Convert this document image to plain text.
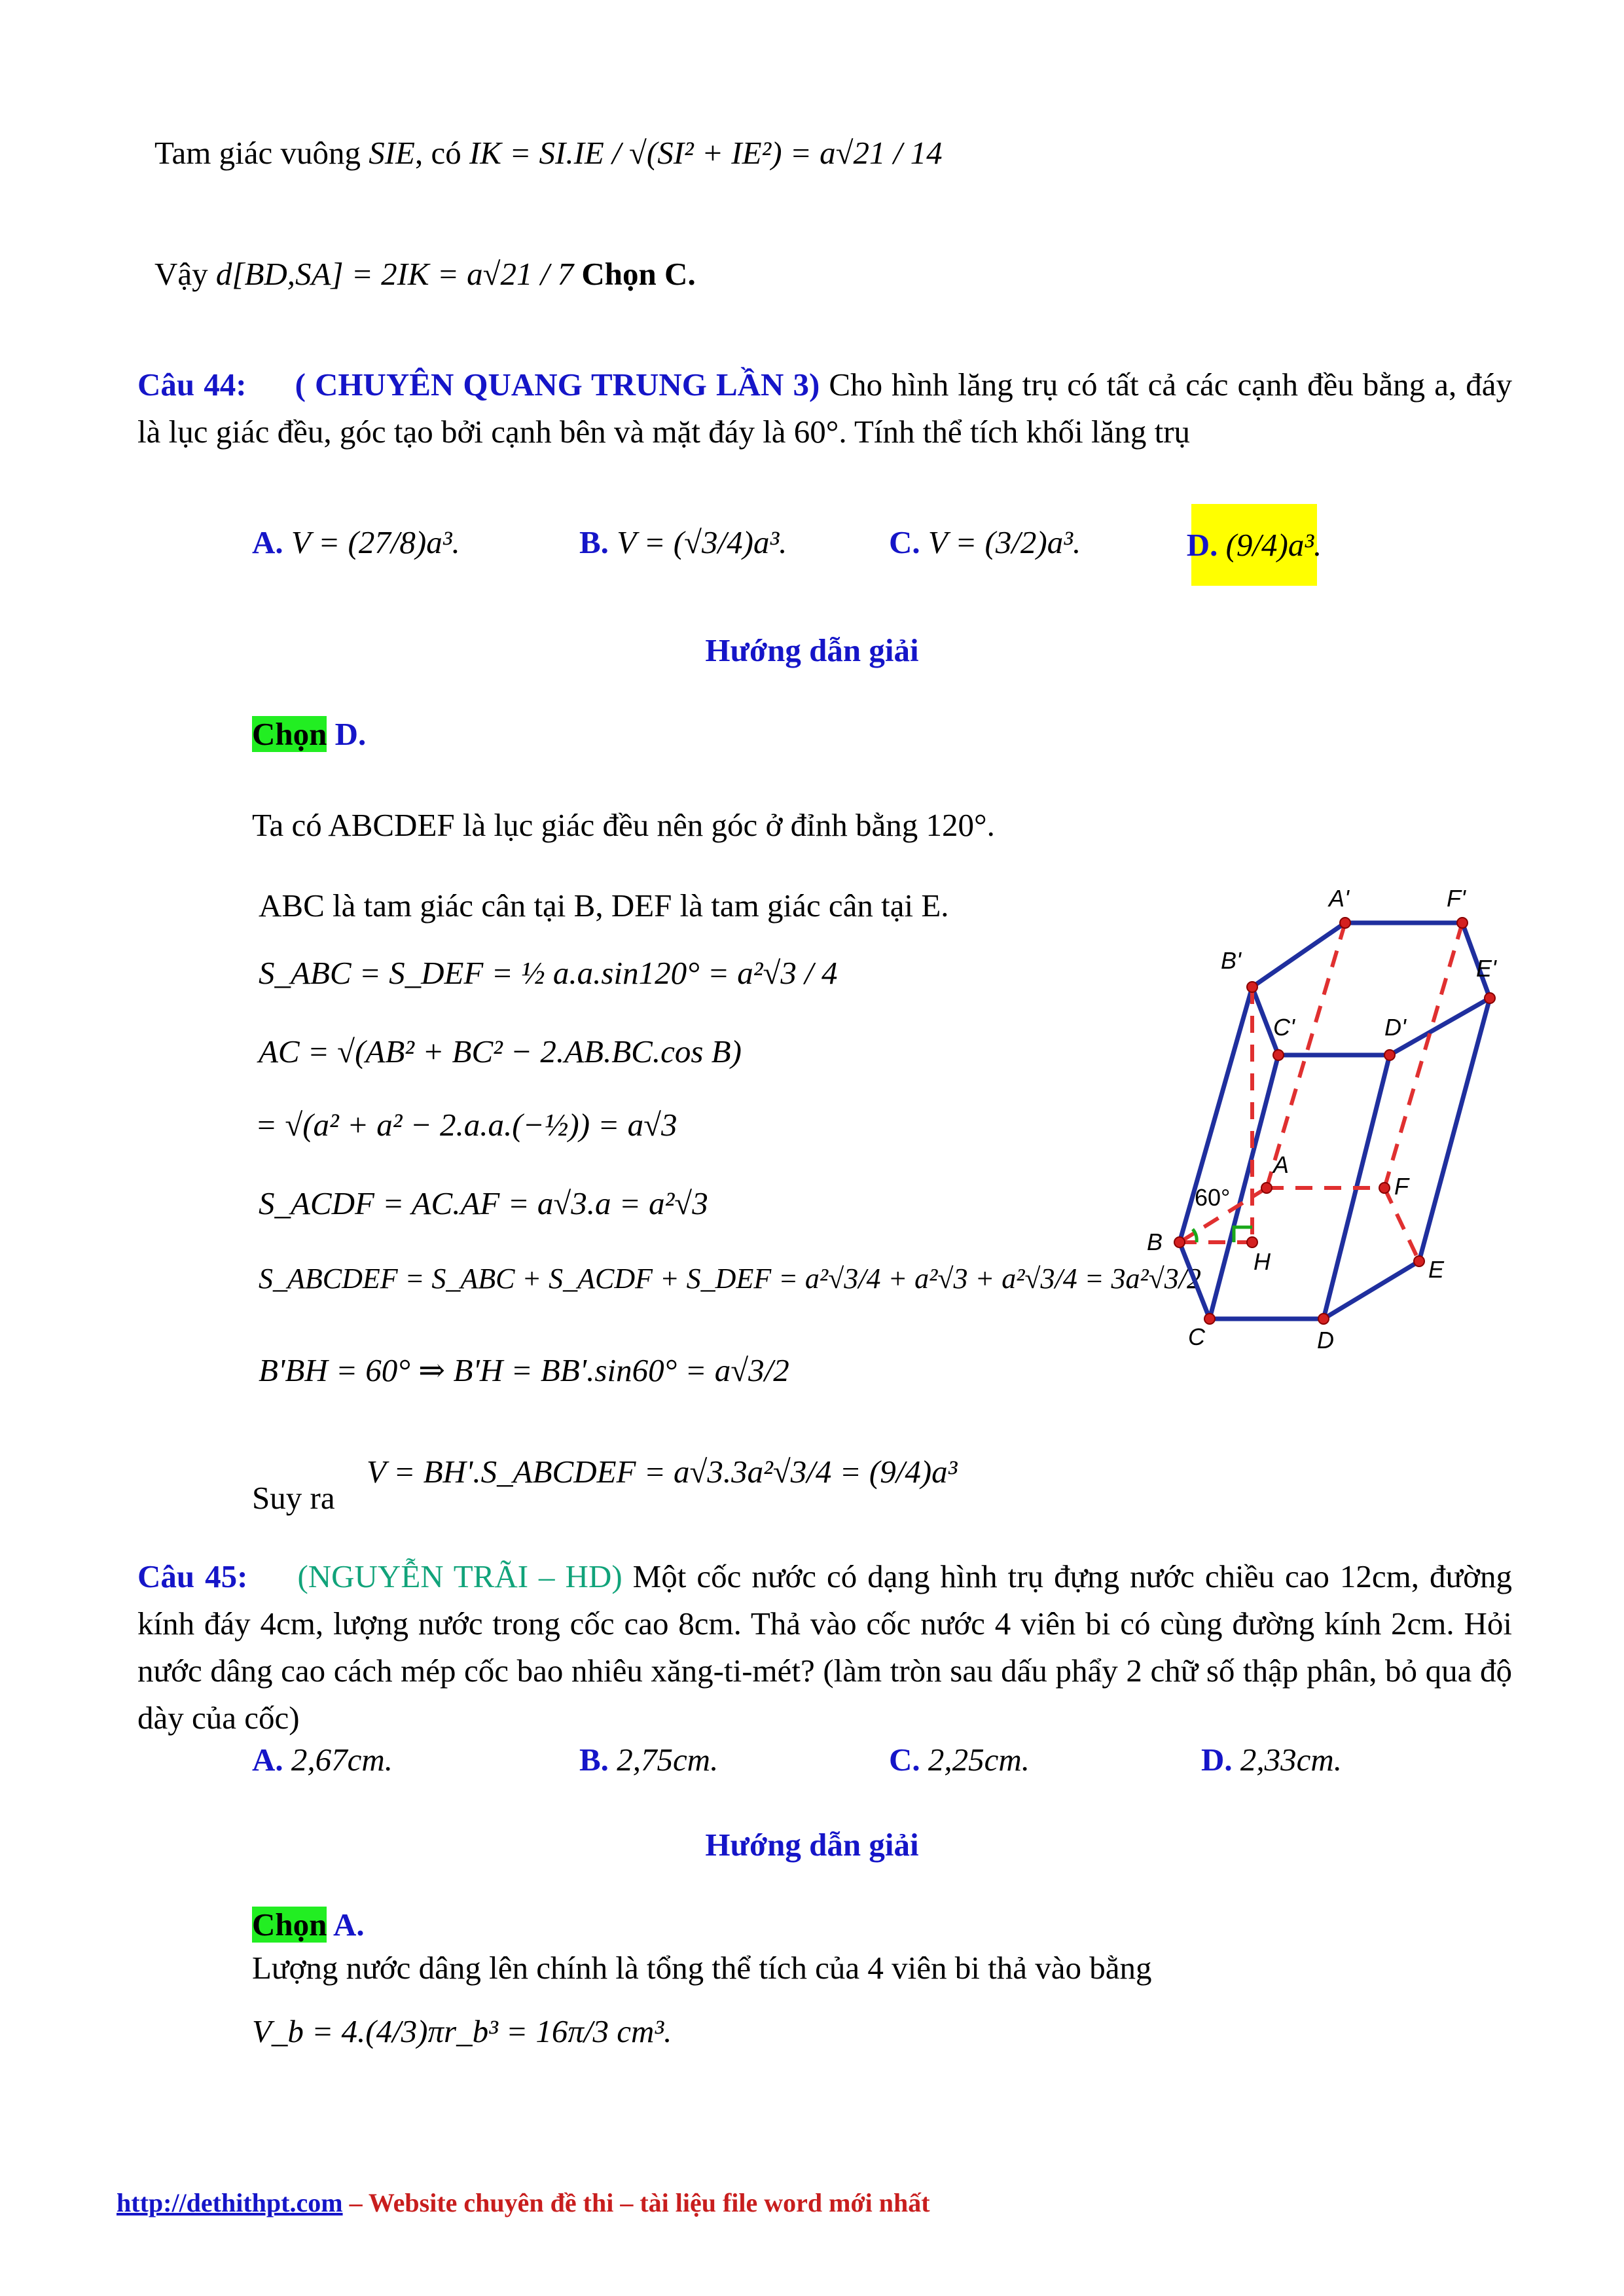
Tam giác vuông SIE, có IK = SI.IE / √(SI² + IE²) = a√21 / 14
Vậy d[BD,SA] = 2IK = a√21 / 7 Chọn C.
Câu 44: ( CHUYÊN QUANG TRUNG LẦN 3) Cho hình lăng trụ có tất cả các cạnh đều bằng a, đáy là lục giác đều, góc tạo bởi cạnh bên và mặt đáy là 60°. Tính thể tích khối lăng trụ
A. V = (27/8)a³.	B. V = (√3/4)a³.	C. V = (3/2)a³.	D.
(9/4)a³.
Hướng dẫn giải
Chọn D.
Ta có ABCDEF là lục giác đều nên góc ở đỉnh bằng 120°.
ABC là tam giác cân tại B, DEF là tam giác cân tại E.
S_ABC = S_DEF = ½ a.a.sin120° = a²√3 / 4
AC = √(AB² + BC² − 2.AB.BC.cos B)
= √(a² + a² − 2.a.a.(−½)) = a√3
S_ACDF = AC.AF = a√3.a = a²√3
S_ABCDEF = S_ABC + S_ACDF + S_DEF = a²√3/4 + a²√3 + a²√3/4 = 3a²√3/2
B'BH = 60° ⇒ B'H = BB'.sin60° = a√3/2
V = BH'.S_ABCDEF = a√3.3a²√3/4 = (9/4)a³
Suy ra
A'	F'
B'	E'
C'	D'
A
F
60°
B
H	E
C	D
Câu 45: (NGUYỄN TRÃI – HD) Một cốc nước có dạng hình trụ đựng nước chiều cao 12cm, đường kính đáy 4cm, lượng nước trong cốc cao 8cm. Thả vào cốc nước 4 viên bi có cùng đường kính 2cm. Hỏi nước dâng cao cách mép cốc bao nhiêu xăng-ti-mét? (làm tròn sau dấu phẩy 2 chữ số thập phân, bỏ qua độ dày của cốc)
A. 2,67cm.	B. 2,75cm.	C. 2,25cm.	D. 2,33cm.
Hướng dẫn giải
Chọn A.
Lượng nước dâng lên chính là tổng thể tích của 4 viên bi thả vào bằng
V_b = 4.(4/3)πr_b³ = 16π/3 cm³.
http://dethithpt.com – Website chuyên đề thi – tài liệu file word mới nhất
